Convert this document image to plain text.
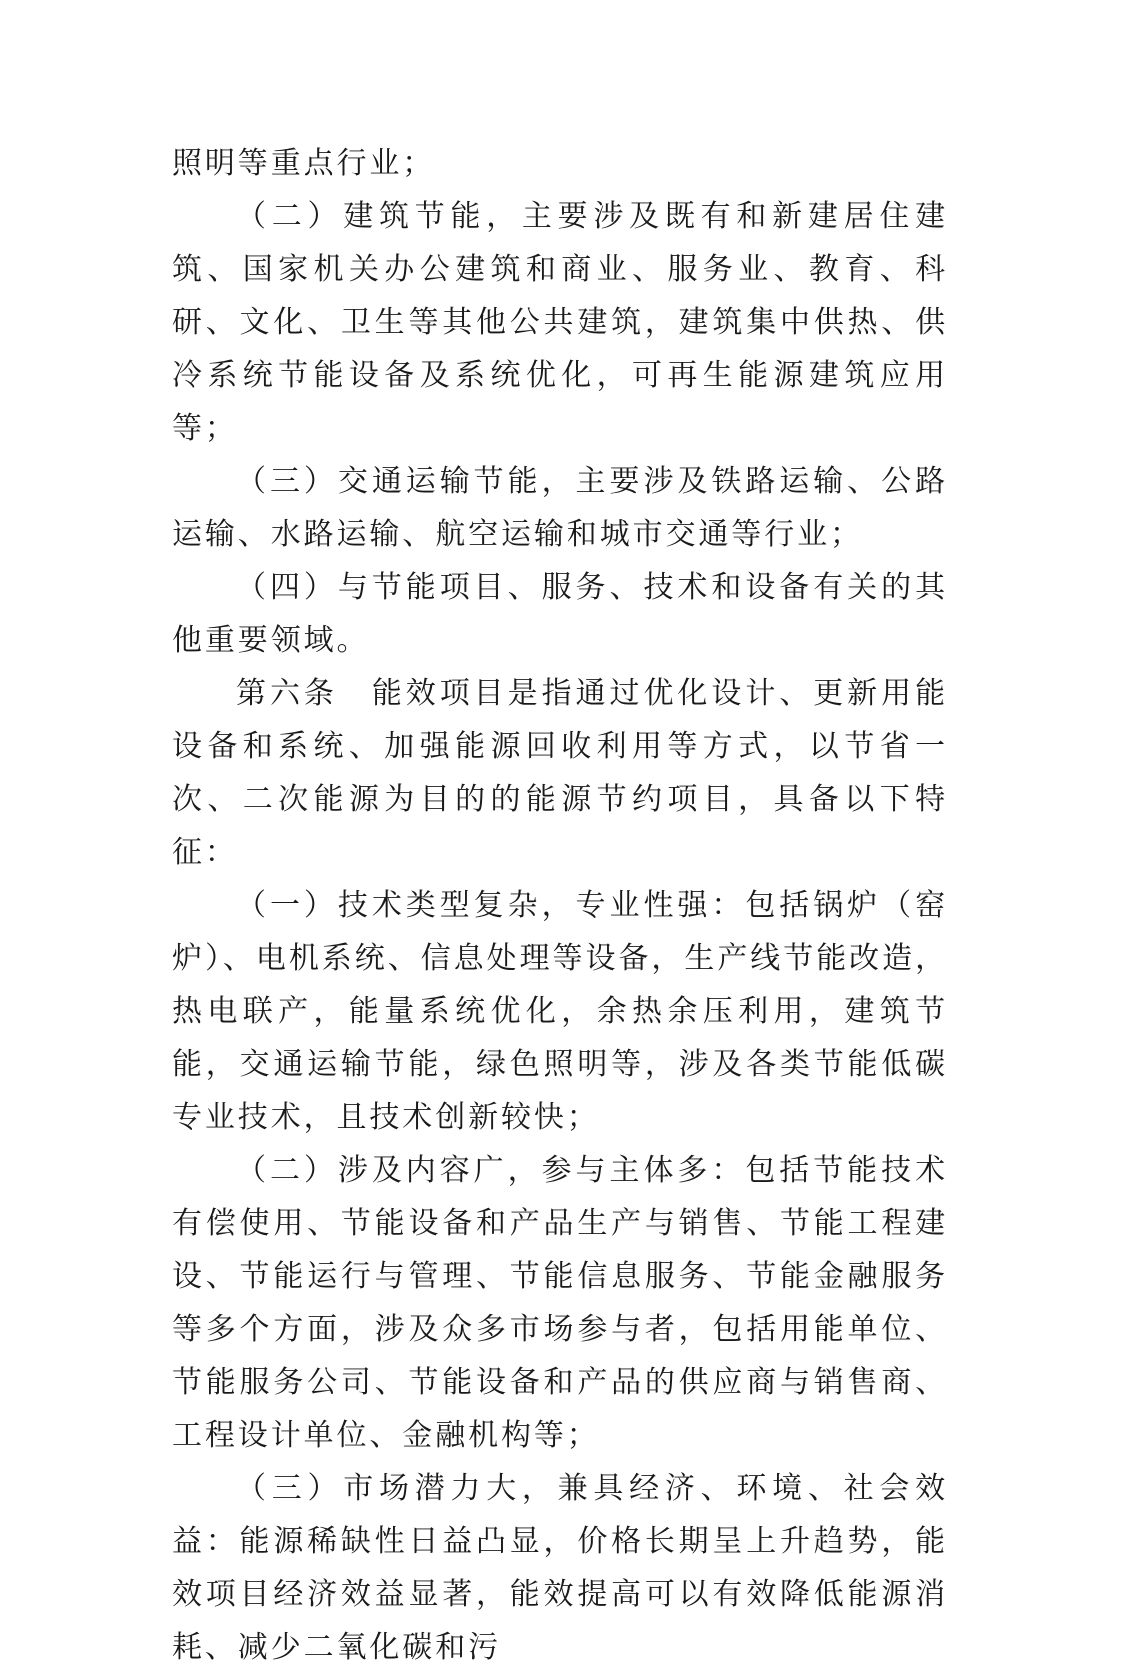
照明等重点行业；

（二）建筑节能，主要涉及既有和新建居住建筑、国家机关办公建筑和商业、服务业、教育、科研、文化、卫生等其他公共建筑，建筑集中供热、供冷系统节能设备及系统优化，可再生能源建筑应用等；

（三）交通运输节能，主要涉及铁路运输、公路运输、水路运输、航空运输和城市交通等行业；

（四）与节能项目、服务、技术和设备有关的其他重要领域。

第六条　能效项目是指通过优化设计、更新用能设备和系统、加强能源回收利用等方式，以节省一次、二次能源为目的的能源节约项目，具备以下特征：

（一）技术类型复杂，专业性强：包括锅炉（窑炉）、电机系统、信息处理等设备，生产线节能改造，热电联产，能量系统优化，余热余压利用，建筑节能，交通运输节能，绿色照明等，涉及各类节能低碳专业技术，且技术创新较快；

（二）涉及内容广，参与主体多：包括节能技术有偿使用、节能设备和产品生产与销售、节能工程建设、节能运行与管理、节能信息服务、节能金融服务等多个方面，涉及众多市场参与者，包括用能单位、节能服务公司、节能设备和产品的供应商与销售商、工程设计单位、金融机构等；

（三）市场潜力大，兼具经济、环境、社会效益：能源稀缺性日益凸显，价格长期呈上升趋势，能效项目经济效益显著，能效提高可以有效降低能源消耗、减少二氧化碳和污
